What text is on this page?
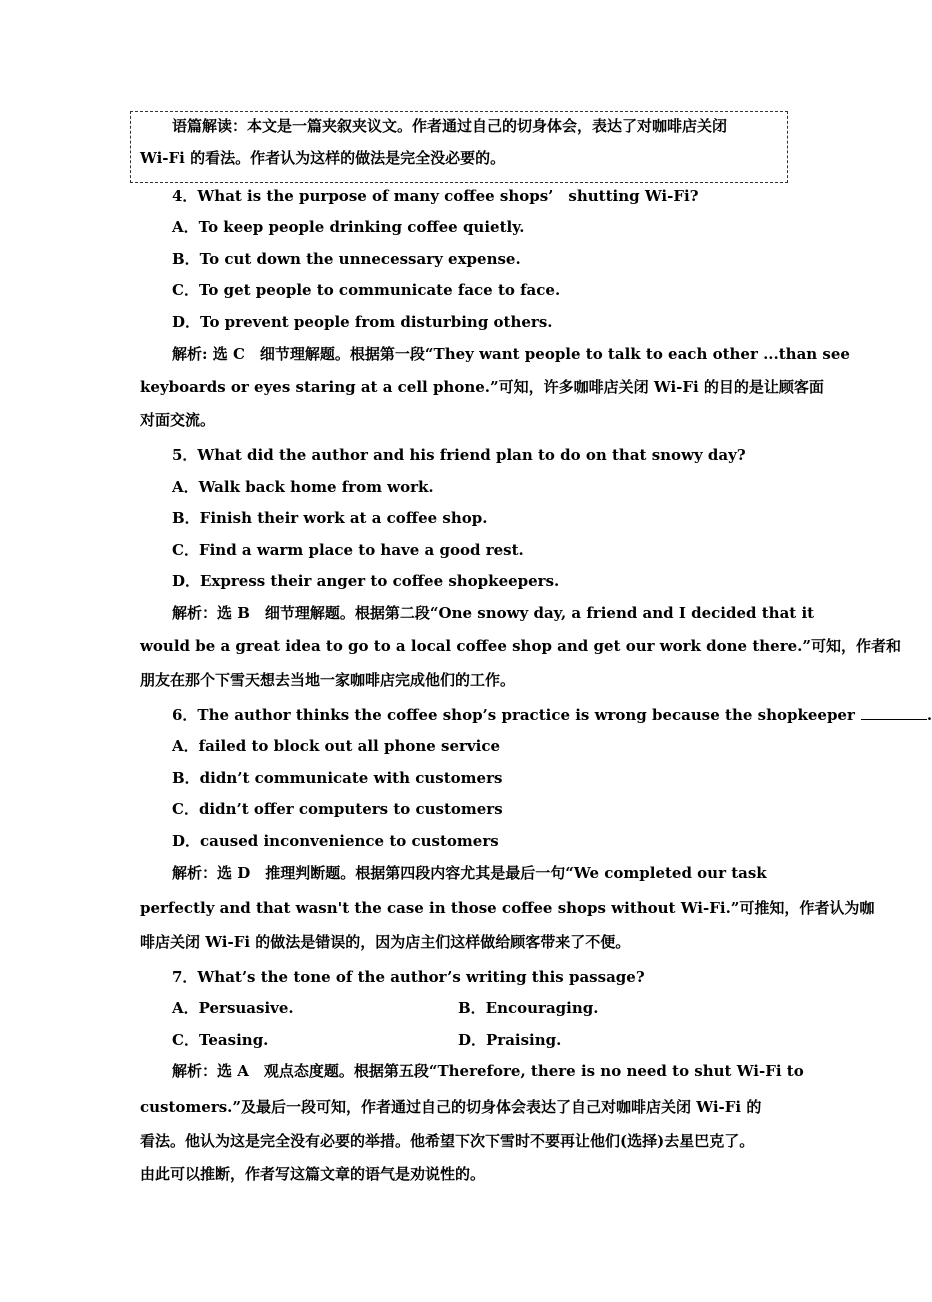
语篇解读：本文是一篇夹叙夹议文。作者通过自己的切身体会，表达了对咖啡店关闭
Wi-Fi 的看法。作者认为这样的做法是完全没必要的。
4．What is the purpose of many coffee shops’　shutting Wi-Fi?
A．To keep people drinking coffee quietly.
B．To cut down the unnecessary expense.
C．To get people to communicate face to face.
D．To prevent people from disturbing others.
解析: 选 C　细节理解题。根据第一段“They want people to talk to each other ...than see
keyboards or eyes staring at a cell phone.”可知，许多咖啡店关闭 Wi-Fi 的目的是让顾客面
对面交流。
5．What did the author and his friend plan to do on that snowy day?
A．Walk back home from work.
B．Finish their work at a coffee shop.
C．Find a warm place to have a good rest.
D．Express their anger to coffee shopkeepers.
解析：选 B　细节理解题。根据第二段“One snowy day, a friend and I decided that it
would be a great idea to go to a local coffee shop and get our work done there.”可知，作者和
朋友在那个下雪天想去当地一家咖啡店完成他们的工作。
6．The author thinks the coffee shop’s practice is wrong because the shopkeeper	.
A．failed to block out all phone service
B．didn’t communicate with customers
C．didn’t offer computers to customers
D．caused inconvenience to customers
解析：选 D　推理判断题。根据第四段内容尤其是最后一句“We completed our task
perfectly and that wasn't the case in those coffee shops without Wi-Fi.”可推知，作者认为咖
啡店关闭 Wi-Fi 的做法是错误的，因为店主们这样做给顾客带来了不便。
7．What’s the tone of the author’s writing this passage?
A．Persuasive.	B．Encouraging.
C．Teasing.	D．Praising.
解析：选 A　观点态度题。根据第五段“Therefore, there is no need to shut Wi-Fi to
customers.”及最后一段可知，作者通过自己的切身体会表达了自己对咖啡店关闭 Wi-Fi 的
看法。他认为这是完全没有必要的举措。他希望下次下雪时不要再让他们(选择)去星巴克了。
由此可以推断，作者写这篇文章的语气是劝说性的。
